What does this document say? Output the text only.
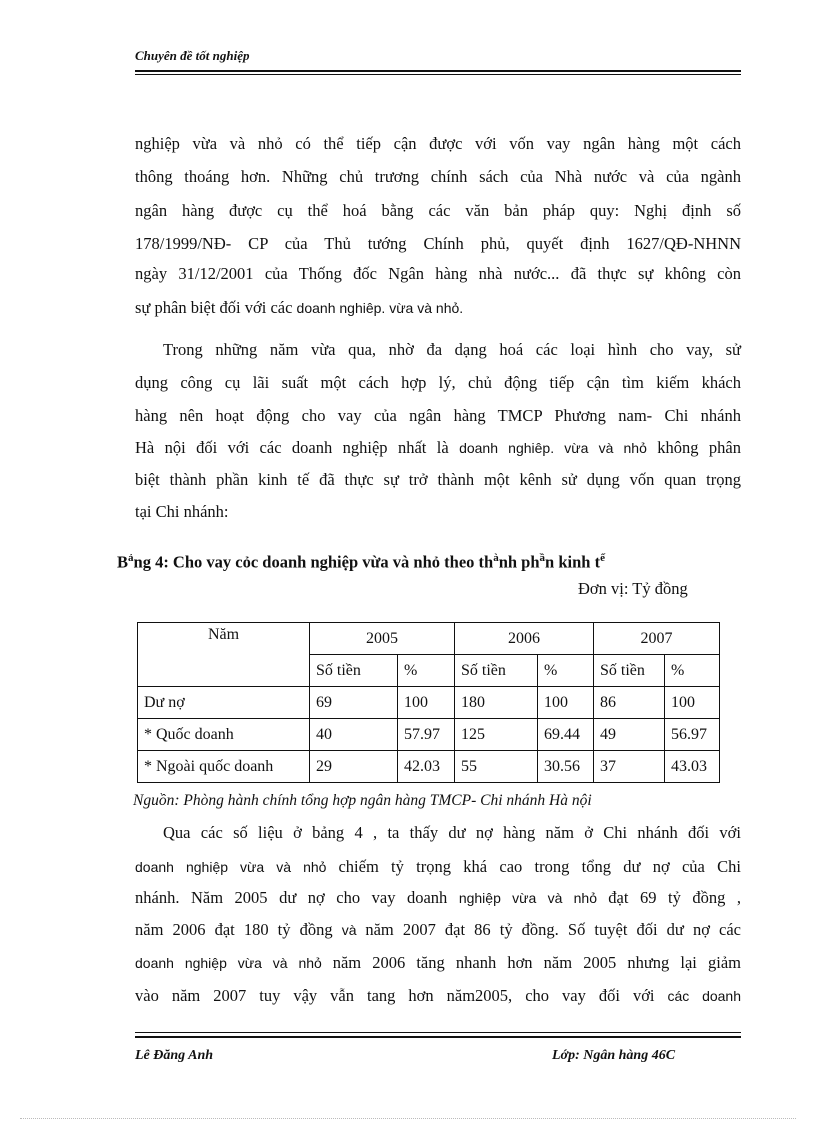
Chuyên đề tốt nghiệp
nghiệp vừa và nhỏ có thể tiếp cận được với vốn vay ngân hàng một cách
thông thoáng hơn. Những chủ trương chính sách của Nhà nước và của ngành
ngân hàng được cụ thể hoá bằng các văn bản pháp quy: Nghị định số
178/1999/NĐ- CP của Thủ tướng Chính phủ, quyết định 1627/QĐ-NHNN
ngày 31/12/2001 của Thống đốc Ngân hàng nhà nước... đã thực sự không còn
sự phân biệt đối với các doanh nghiêp. vừa và nhỏ.
Trong những năm vừa qua, nhờ đa dạng hoá các loại hình cho vay, sử
dụng công cụ lãi suất một cách hợp lý, chủ động tiếp cận tìm kiếm khách
hàng nên hoạt động cho vay của ngân hàng TMCP Phương nam- Chi nhánh
Hà nội đối với các doanh nghiệp nhất là doanh nghiêp. vừa và nhỏ không phân
biệt thành phần kinh tế đã thực sự trở thành một kênh sử dụng vốn quan trọng
tại Chi nhánh:
$B^ảng$ 4: Cho vay cỏc doanh nghiệp vừa và nhỏ theo $th^ành$ $ph^ần$ kinh $t^ế$
Đơn vị: Tỷ đồng
Năm	2005		2006		2007	
	Số tiền	%	Số tiền	%	Số tiền	%
Dư nợ	69	100	180	100	86	100
* Quốc doanh	40	57.97	125	69.44	49	56.97
* Ngoài quốc doanh	29	42.03	55	30.56	37	43.03
Nguồn: Phòng hành chính tổng hợp ngân hàng TMCP- Chi nhánh Hà nội
Qua các số liệu ở bảng 4 , ta thấy dư nợ hàng năm ở Chi nhánh đối với
doanh nghiệp vừa và nhỏ chiếm tỷ trọng khá cao trong tổng dư nợ của Chi
nhánh. Năm 2005 dư nợ cho vay doanh nghiệp vừa và nhỏ đạt 69 tỷ đồng ,
năm 2006 đạt 180 tỷ đồng và năm 2007 đạt 86 tỷ đồng. Số tuyệt đối dư nợ các
doanh nghiệp vừa và nhỏ năm 2006 tăng nhanh hơn năm 2005 nhưng lại giảm
vào năm 2007 tuy vậy vẫn tang hơn năm2005, cho vay đối với các doanh
Lê Đăng Anh	Lớp: Ngân hàng 46C
